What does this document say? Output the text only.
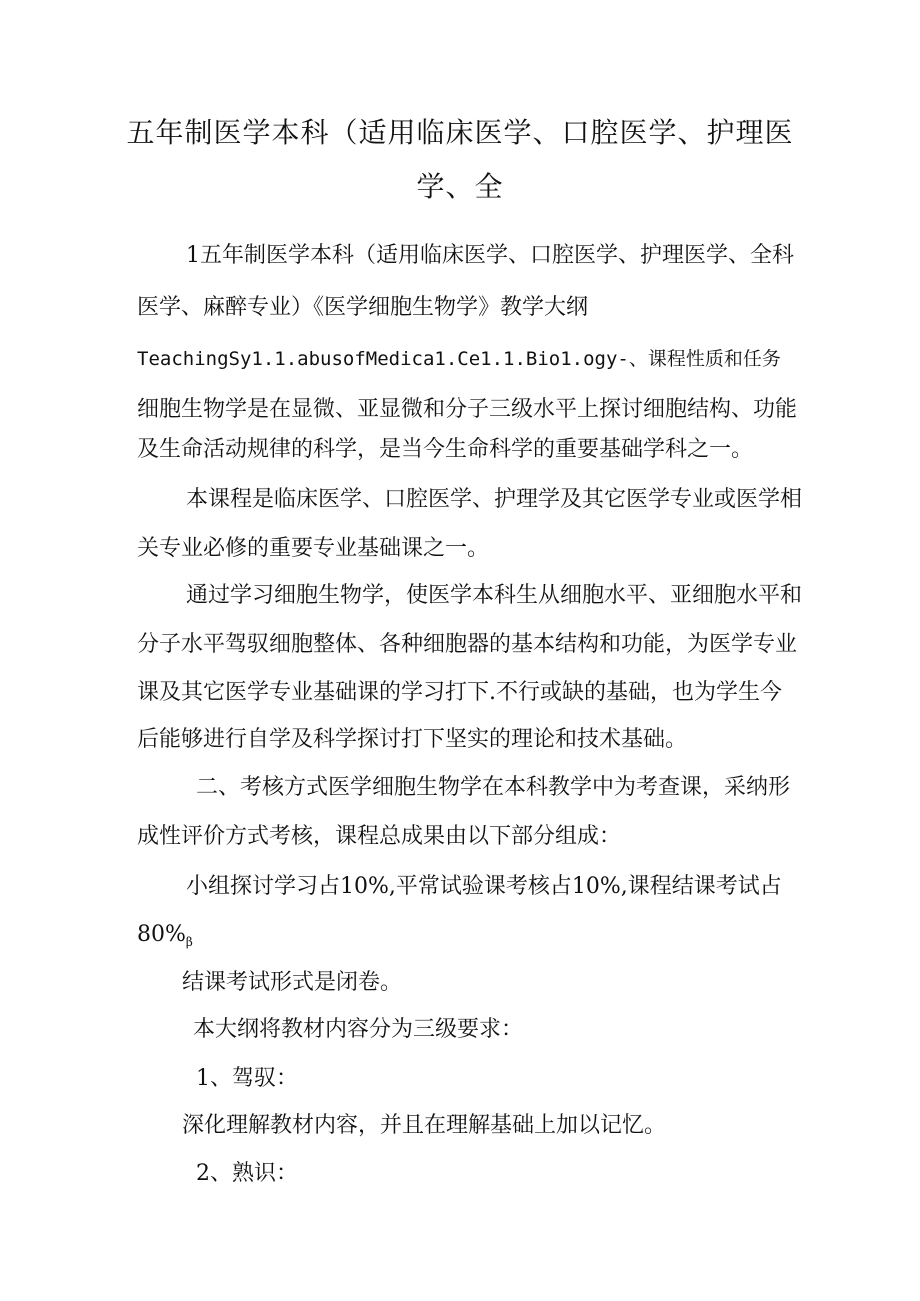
五年制医学本科（适用临床医学、口腔医学、护理医
学、全
1五年制医学本科（适用临床医学、口腔医学、护理医学、全科
医学、麻醉专业）《医学细胞生物学》教学大纲
TeachingSy1.1.abusofMedica1.Ce1.1.Bio1.ogy-、课程性质和任务
细胞生物学是在显微、亚显微和分子三级水平上探讨细胞结构、功能
及生命活动规律的科学，是当今生命科学的重要基础学科之一。
本课程是临床医学、口腔医学、护理学及其它医学专业或医学相
关专业必修的重要专业基础课之一。
通过学习细胞生物学，使医学本科生从细胞水平、亚细胞水平和
分子水平驾驭细胞整体、各种细胞器的基本结构和功能，为医学专业
课及其它医学专业基础课的学习打下.不行或缺的基础，也为学生今
后能够进行自学及科学探讨打下坚实的理论和技术基础。
二、考核方式医学细胞生物学在本科教学中为考查课，采纳形
成性评价方式考核，课程总成果由以下部分组成：
小组探讨学习占10%,平常试验课考核占10%,课程结课考试占
$80\%_\beta$
结课考试形式是闭卷。
本大纲将教材内容分为三级要求：
1、驾驭：
深化理解教材内容，并且在理解基础上加以记忆。
2、熟识：
